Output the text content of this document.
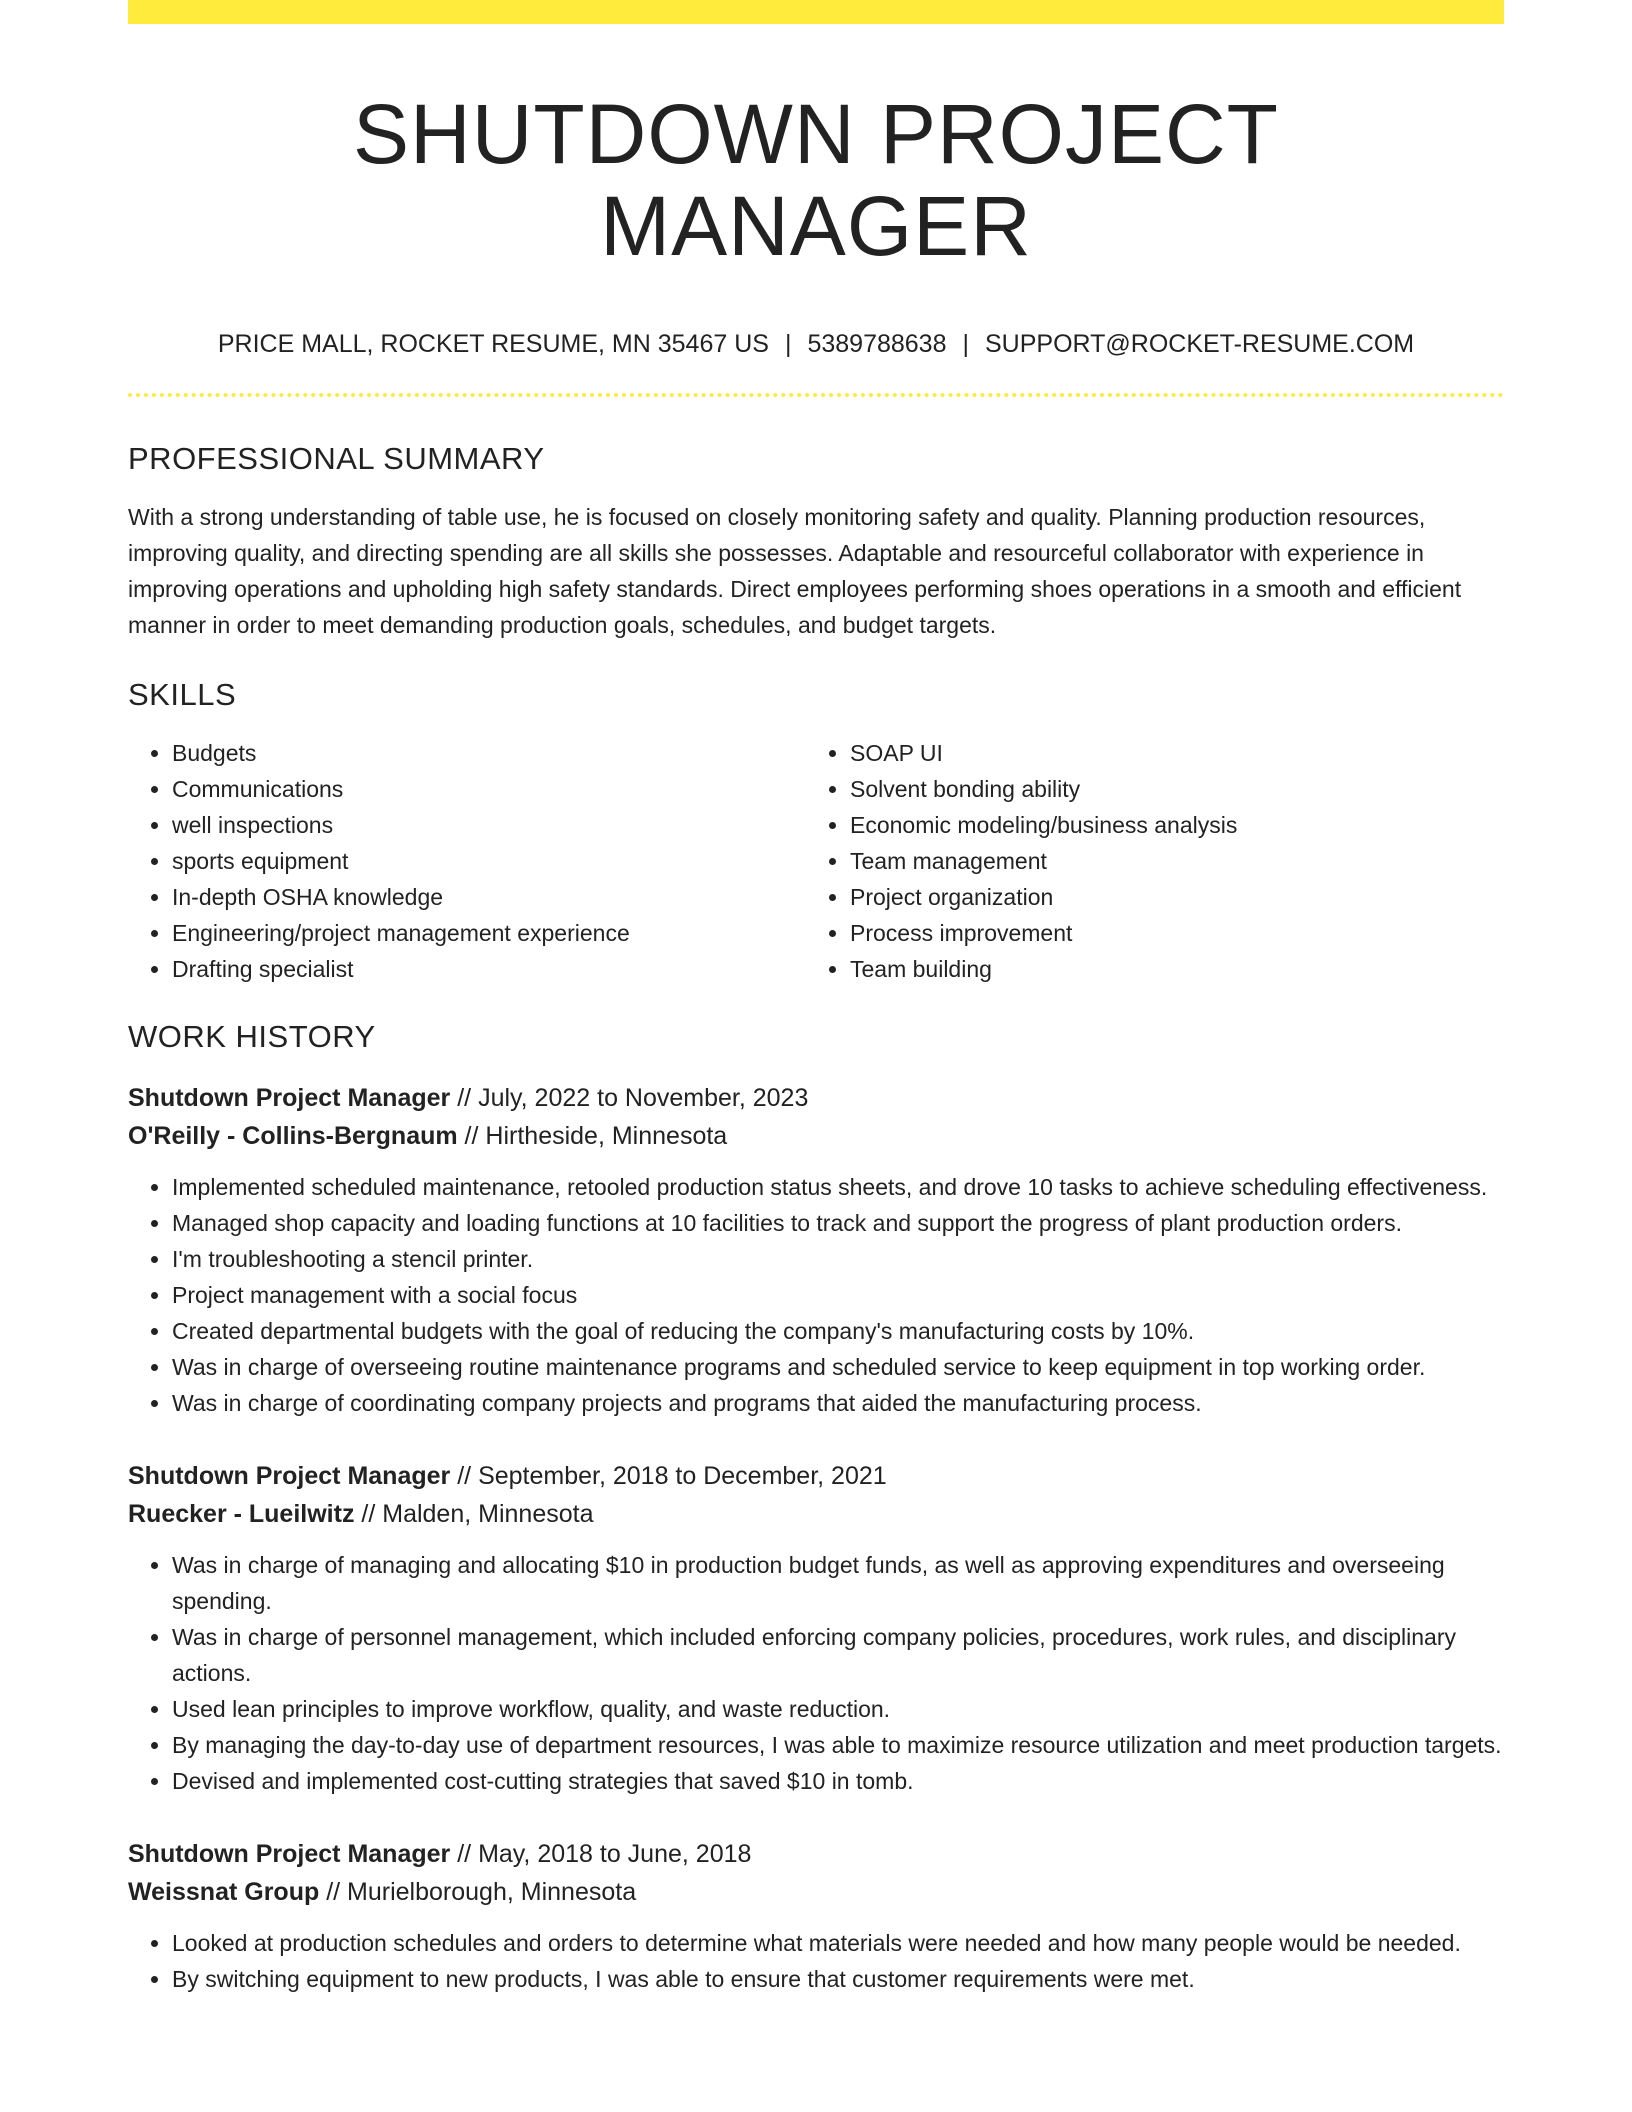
SHUTDOWN PROJECT MANAGER
PRICE MALL, ROCKET RESUME, MN 35467 US | 5389788638 | SUPPORT@ROCKET-RESUME.COM
PROFESSIONAL SUMMARY
With a strong understanding of table use, he is focused on closely monitoring safety and quality. Planning production resources, improving quality, and directing spending are all skills she possesses. Adaptable and resourceful collaborator with experience in improving operations and upholding high safety standards. Direct employees performing shoes operations in a smooth and efficient manner in order to meet demanding production goals, schedules, and budget targets.
SKILLS
• Budgets
• Communications
• well inspections
• sports equipment
• In-depth OSHA knowledge
• Engineering/project management experience
• Drafting specialist
• SOAP UI
• Solvent bonding ability
• Economic modeling/business analysis
• Team management
• Project organization
• Process improvement
• Team building
WORK HISTORY
Shutdown Project Manager // July, 2022 to November, 2023
O'Reilly - Collins-Bergnaum // Hirtheside, Minnesota
• Implemented scheduled maintenance, retooled production status sheets, and drove 10 tasks to achieve scheduling effectiveness.
• Managed shop capacity and loading functions at 10 facilities to track and support the progress of plant production orders.
• I'm troubleshooting a stencil printer.
• Project management with a social focus
• Created departmental budgets with the goal of reducing the company's manufacturing costs by 10%.
• Was in charge of overseeing routine maintenance programs and scheduled service to keep equipment in top working order.
• Was in charge of coordinating company projects and programs that aided the manufacturing process.
Shutdown Project Manager // September, 2018 to December, 2021
Ruecker - Lueilwitz // Malden, Minnesota
• Was in charge of managing and allocating $10 in production budget funds, as well as approving expenditures and overseeing spending.
• Was in charge of personnel management, which included enforcing company policies, procedures, work rules, and disciplinary actions.
• Used lean principles to improve workflow, quality, and waste reduction.
• By managing the day-to-day use of department resources, I was able to maximize resource utilization and meet production targets.
• Devised and implemented cost-cutting strategies that saved $10 in tomb.
Shutdown Project Manager // May, 2018 to June, 2018
Weissnat Group // Murielborough, Minnesota
• Looked at production schedules and orders to determine what materials were needed and how many people would be needed.
• By switching equipment to new products, I was able to ensure that customer requirements were met.
